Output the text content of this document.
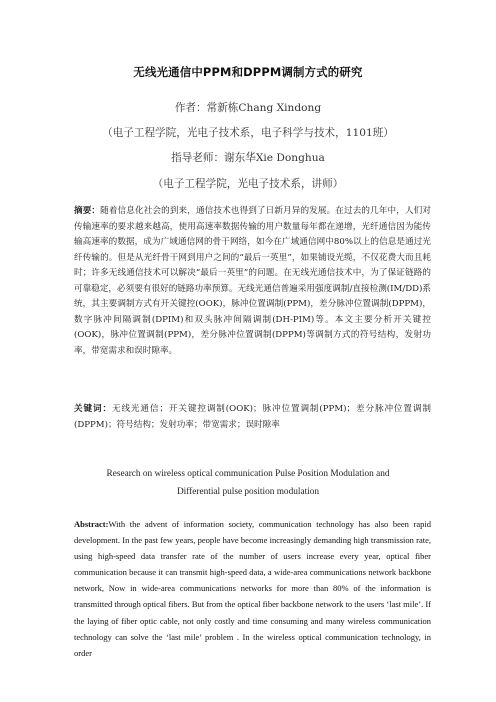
无线光通信中PPM和DPPM调制方式的研究
作者：常新栋Chang Xindong
（电子工程学院，光电子技术系，电子科学与技术，1101班）
指导老师：谢东华Xie Donghua
（电子工程学院，光电子技术系，讲师）
摘要：随着信息化社会的到来，通信技术也得到了日新月异的发展。在过去的几年中，人们对传输速率的要求越来越高，使用高速率数据传输的用户数量每年都在递增，光纤通信因为能传输高速率的数据，成为广域通信网的骨干网络，如今在广域通信网中80%以上的信息是通过光纤传输的。但是从光纤骨干网到用户之间的“最后一英里”，如果铺设光缆，不仅花费大而且耗时；许多无线通信技术可以解决“最后一英里”的问题。在无线光通信技术中，为了保证链路的可靠稳定，必须要有很好的链路功率预算。无线光通信普遍采用强度调制/直接检测(IM/DD)系统，其主要调制方式有开关键控(OOK)，脉冲位置调制(PPM)，差分脉冲位置调制(DPPM)，数字脉冲间隔调制(DPIM)和双头脉冲间隔调制(DH-PIM)等。本文主要分析开关键控(OOK)，脉冲位置调制(PPM)，差分脉冲位置调制(DPPM)等调制方式的符号结构，发射功率，带宽需求和误时隙率。
关键词：无线光通信；开关键控调制(OOK)；脉冲位置调制(PPM)；差分脉冲位置调制(DPPM)；符号结构；发射功率；带宽需求；误时隙率
Research on wireless optical communication Pulse Position Modulation and
Differential pulse position modulation
Abstract:With the advent of information society, communication technology has also been rapid development. In the past few years, people have become increasingly demanding high transmission rate, using high-speed data transfer rate of the number of users increase every year, optical fiber communication because it can transmit high-speed data, a wide-area communications network backbone network, Now in wide-area communications networks for more than 80% of the information is transmitted through optical fibers. But from the optical fiber backbone network to the users ‘last mile’. If the laying of fiber optic cable, not only costly and time consuming and many wireless communication technology can solve the ‘last mile’ problem . In the wireless optical communication technology, in order
